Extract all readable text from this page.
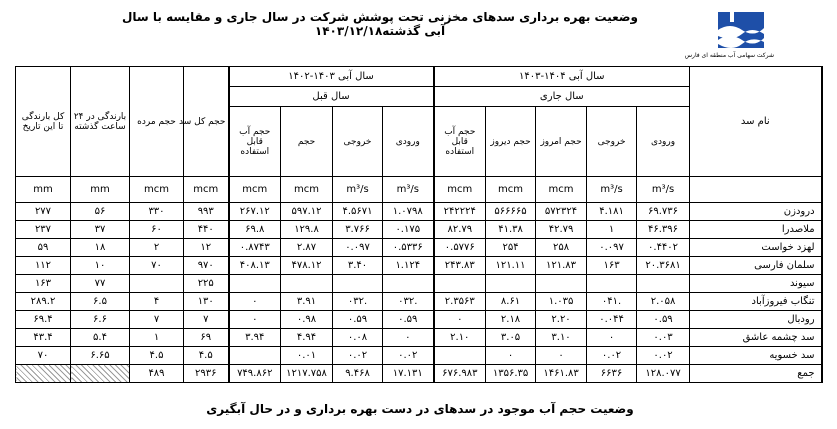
شرکت سهامی آب منطقه ای فارس
وضعیت بهره برداری سدهای مخزنی تحت پوشش شرکت در سال جاری و مقایسه با سال آبی گذشته۱۴۰۳/۱۲/۱۸
نام سد	سال آبی ۱۴۰۴-۱۴۰۳					سال آبی ۱۴۰۳-۱۴۰۲				حجم کل سد	حجم مرده	بارندگی در ۲۴ ساعت گذشته	کل بارندگی تا این تاریخ
	سال جاری					سال قبل							
	ورودی	خروجی	حجم امروز	حجم دیروز	حجم آب قابل استفاده	ورودی	خروجی	حجم	حجم آب قابل استفاده				
	m³/s	m³/s	mcm	mcm	mcm	m³/s	m³/s	mcm	mcm	mcm	mcm	mm	mm
درودزن	۶۹.۷۳۶	۴.۱۸۱	۵۷۲۳۲۴	۵۶۶۶۶۵	۲۴۲۲۲۴	۱.۰۷۹۸	۴.۵۶۷۱	۵۹۷.۱۲	۲۶۷.۱۲	۹۹۳	۳۳۰	۵۶	۲۷۷
ملاصدرا	۴۶.۳۹۶	۱	۴۲.۷۹	۴۱.۳۸	۸۲.۷۹	۰.۱۷۵	۳.۷۶۶	۱۲۹.۸	۶۹.۸	۴۴۰	۶۰	۳۷	۲۳۷
لهزد خواست	۰.۴۴۰۲	۰.۰۹۷	۲۵۸	۲۵۴	۰.۵۷۷۶	۰.۵۳۳۶	۰.۰۹۷	۲.۸۷	۰.۸۷۴۳	۱۲	۲	۱۸	۵۹
سلمان فارسی	۲۰.۳۶۸۱	۱۶۳	۱۲۱.۸۳	۱۲۱.۱۱	۲۴۳.۸۳	۱.۱۲۴	۳.۴۰	۴۷۸.۱۲	۴۰۸.۱۳	۹۷۰	۷۰	۱۰	۱۱۲
سیوند										۲۲۵		۷۷	۱۶۳
تنگاب فیروزآباد	۲.۰۵۸	.۰۴۱	۱.۰۳۵	۸.۶۱	۲.۳۵۶۳	.۰۳۲	.۰۳۲	۳.۹۱	۰	۱۳۰	۴	۶.۵	۲۸۹.۲
رودبال	۰.۵۹	۰.۰۴۴	۲.۲۰	۲.۱۸	۰	۰.۵۹	۰.۵۹	۰.۹۸	۰	۷	۷	۶.۶	۶۹.۴
سد چشمه عاشق	۰.۰۳	۰	۳.۱۰	۳.۰۵	۲.۱۰	۰	۰.۰۸	۴.۹۴	۳.۹۴	۶۹	۱	۵.۴	۴۳.۴
سد خسویه	۰.۰۲	۰.۰۲	۰	۰		۰.۰۲	۰.۰۲	۰.۰۱		۴.۵	۴.۵	۶.۶۵	۷۰
جمع	۱۲۸.۰۷۷	۶۶۳۶	۱۴۶۱.۸۳	۱۳۵۶.۳۵	۶۷۶.۹۸۳	۱۷.۱۳۱	۹.۴۶۸	۱۲۱۷.۷۵۸	۷۴۹.۸۶۲	۲۹۳۶	۴۸۹		
وضعیت حجم آب موجود در سدهای در دست بهره برداری و در حال آبگیری
